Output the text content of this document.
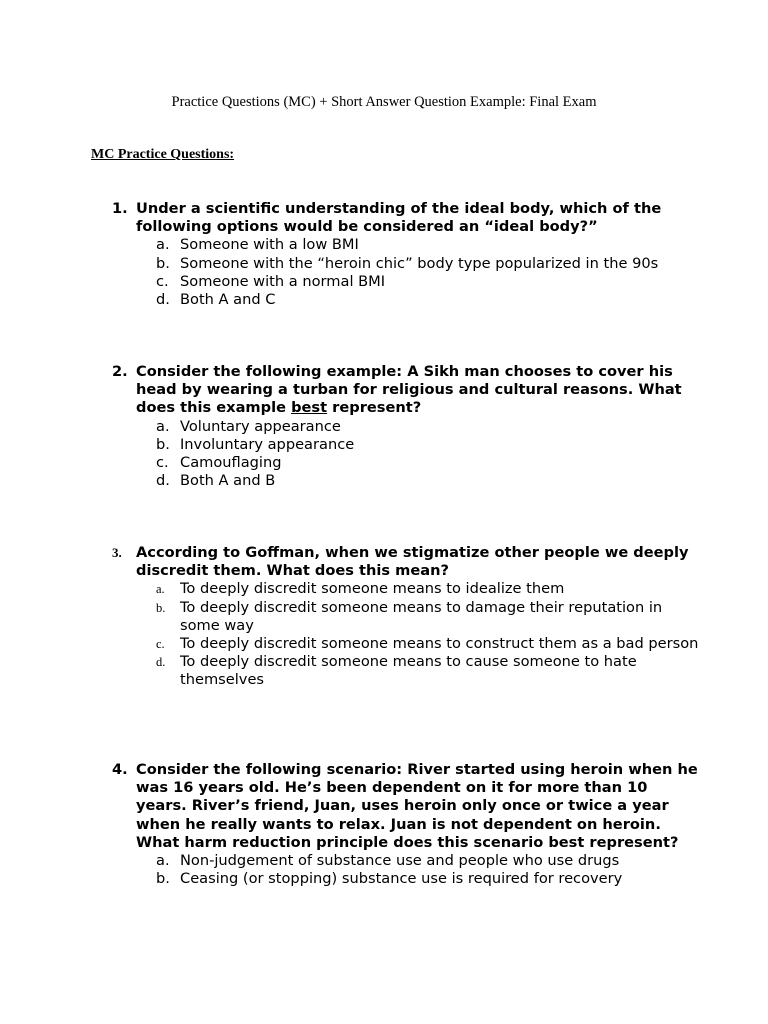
Practice Questions (MC) + Short Answer Question Example: Final Exam
MC Practice Questions:
1. Under a scientific understanding of the ideal body, which of the following options would be considered an “ideal body?”
a. Someone with a low BMI
b. Someone with the “heroin chic” body type popularized in the 90s
c. Someone with a normal BMI
d. Both A and C
2. Consider the following example: A Sikh man chooses to cover his head by wearing a turban for religious and cultural reasons. What does this example best represent?
a. Voluntary appearance
b. Involuntary appearance
c. Camouflaging
d. Both A and B
3. According to Goffman, when we stigmatize other people we deeply discredit them. What does this mean?
a.	To deeply discredit someone means to idealize them
b.	To deeply discredit someone means to damage their reputation in some way
c.	To deeply discredit someone means to construct them as a bad person
d.	To deeply discredit someone means to cause someone to hate themselves
4. Consider the following scenario: River started using heroin when he was 16 years old. He’s been dependent on it for more than 10 years. River’s friend, Juan, uses heroin only once or twice a year when he really wants to relax. Juan is not dependent on heroin. What harm reduction principle does this scenario best represent?
a. Non-judgement of substance use and people who use drugs
b. Ceasing (or stopping) substance use is required for recovery
